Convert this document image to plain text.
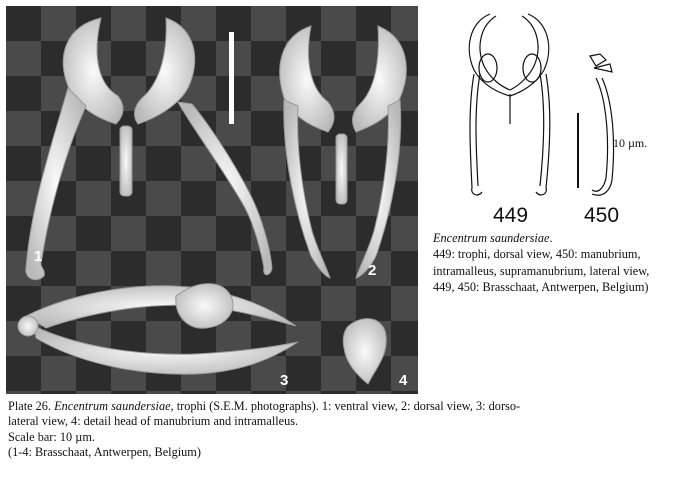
1
2
3	4
10 µm.
449	450
Encentrum saundersiae.
449: trophi, dorsal view, 450: manubrium,
intramalleus, supramanubrium, lateral view,
449, 450: Brasschaat, Antwerpen, Belgium)
Plate 26. Encentrum saundersiae, trophi (S.E.M. photographs). 1: ventral view, 2: dorsal view, 3: dorso-
lateral view, 4: detail head of manubrium and intramalleus.
Scale bar: 10 µm.
(1-4: Brasschaat, Antwerpen, Belgium)
